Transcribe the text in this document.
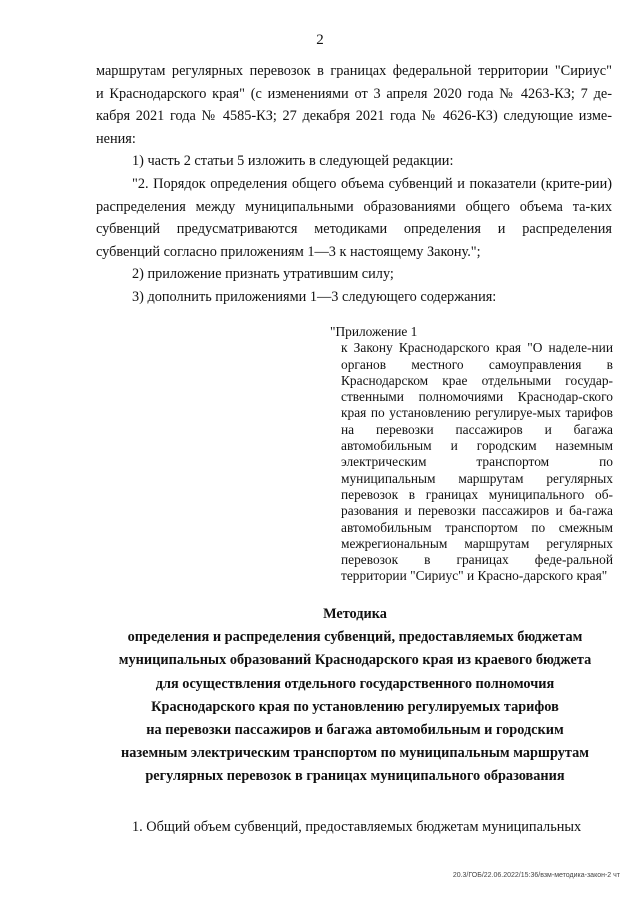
2

маршрутам регулярных перевозок в границах федеральной территории "Сириус"

и Краснодарского края" (с изменениями от 3 апреля 2020 года № 4263-КЗ; 7 де-

кабря 2021 года № 4585-КЗ; 27 декабря 2021 года № 4626-КЗ) следующие изме-

нения:

1) часть 2 статьи 5 изложить в следующей редакции:

"2. Порядок определения общего объема субвенций и показатели (крите-рии) распределения между муниципальными образованиями общего объема та-ких субвенций предусматриваются методиками определения и распределения субвенций согласно приложениям 1—3 к настоящему Закону.";

2) приложение признать утратившим силу;

3) дополнить приложениями 1—3 следующего содержания:

"Приложение 1

к Закону Краснодарского края "О наделе-нии органов местного самоуправления в Краснодарском крае отдельными государ-ственными полномочиями Краснодар-ского края по установлению регулируе-мых тарифов на перевозки пассажиров и багажа автомобильным и городским наземным электрическим транспортом по муниципальным маршрутам регулярных перевозок в границах муниципального об-разования и перевозки пассажиров и ба-гажа автомобильным транспортом по смежным межрегиональным маршрутам регулярных перевозок в границах феде-ральной территории "Сириус" и Красно-дарского края"

Методика
определения и распределения субвенций, предоставляемых бюджетам
муниципальных образований Краснодарского края из краевого бюджета
для осуществления отдельного государственного полномочия
Краснодарского края по установлению регулируемых тарифов
на перевозки пассажиров и багажа автомобильным и городским
наземным электрическим транспортом по муниципальным маршрутам
регулярных перевозок в границах муниципального образования

1. Общий объем субвенций, предоставляемых бюджетам муниципальных

20.3/ГОБ/22.06.2022/15:36/взм-методика-закон-2 чт
